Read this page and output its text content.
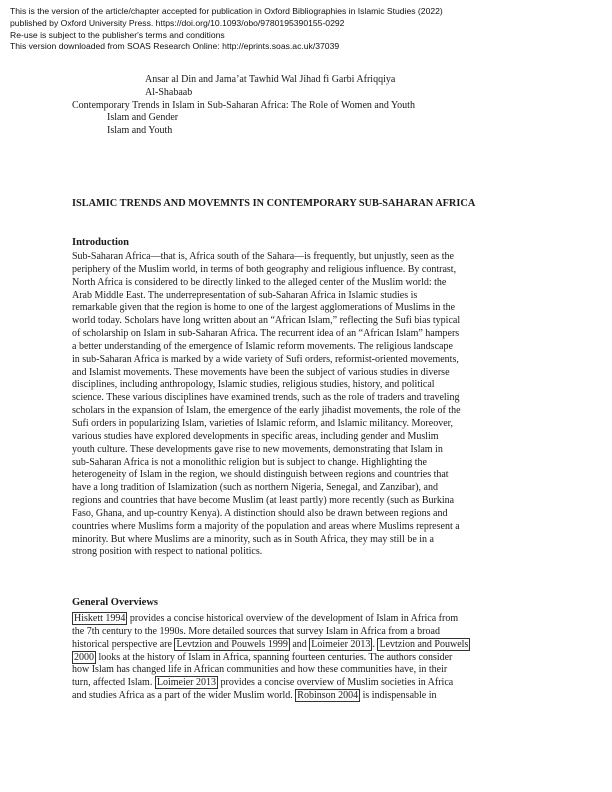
This is the version of the article/chapter accepted for publication in Oxford Bibliographies in Islamic Studies (2022)
published by Oxford University Press. https://doi.org/10.1093/obo/9780195390155-0292
Re-use is subject to the publisher's terms and conditions
This version downloaded from SOAS Research Online: http://eprints.soas.ac.uk/37039
Ansar al Din and Jama’at Tawhid Wal Jihad fi Garbi Afriqqiya
Al-Shabaab
Contemporary Trends in Islam in Sub-Saharan Africa: The Role of Women and Youth
Islam and Gender
Islam and Youth
ISLAMIC TRENDS AND MOVEMNTS IN CONTEMPORARY SUB-SAHARAN AFRICA
Introduction
Sub-Saharan Africa—that is, Africa south of the Sahara—is frequently, but unjustly, seen as the
periphery of the Muslim world, in terms of both geography and religious influence. By contrast,
North Africa is considered to be directly linked to the alleged center of the Muslim world: the
Arab Middle East. The underrepresentation of sub-Saharan Africa in Islamic studies is
remarkable given that the region is home to one of the largest agglomerations of Muslims in the
world today. Scholars have long written about an “African Islam,” reflecting the Sufi bias typical
of scholarship on Islam in sub-Saharan Africa. The recurrent idea of an “African Islam” hampers
a better understanding of the emergence of Islamic reform movements. The religious landscape
in sub-Saharan Africa is marked by a wide variety of Sufi orders, reformist-oriented movements,
and Islamist movements. These movements have been the subject of various studies in diverse
disciplines, including anthropology, Islamic studies, religious studies, history, and political
science. These various disciplines have examined trends, such as the role of traders and traveling
scholars in the expansion of Islam, the emergence of the early jihadist movements, the role of the
Sufi orders in popularizing Islam, varieties of Islamic reform, and Islamic militancy. Moreover,
various studies have explored developments in specific areas, including gender and Muslim
youth culture. These developments gave rise to new movements, demonstrating that Islam in
sub-Saharan Africa is not a monolithic religion but is subject to change. Highlighting the
heterogeneity of Islam in the region, we should distinguish between regions and countries that
have a long tradition of Islamization (such as northern Nigeria, Senegal, and Zanzibar), and
regions and countries that have become Muslim (at least partly) more recently (such as Burkina
Faso, Ghana, and up-country Kenya). A distinction should also be drawn between regions and
countries where Muslims form a majority of the population and areas where Muslims represent a
minority. But where Muslims are a minority, such as in South Africa, they may still be in a
strong position with respect to national politics.
General Overviews
Hiskett 1994 provides a concise historical overview of the development of Islam in Africa from
the 7th century to the 1990s. More detailed sources that survey Islam in Africa from a broad
historical perspective are Levtzion and Pouwels 1999 and Loimeier 2013 . Levtzion and Pouwels
2000 looks at the history of Islam in Africa, spanning fourteen centuries. The authors consider
how Islam has changed life in African communities and how these communities have, in their
turn, affected Islam. Loimeier 2013 provides a concise overview of Muslim societies in Africa
and studies Africa as a part of the wider Muslim world. Robinson 2004 is indispensable in
